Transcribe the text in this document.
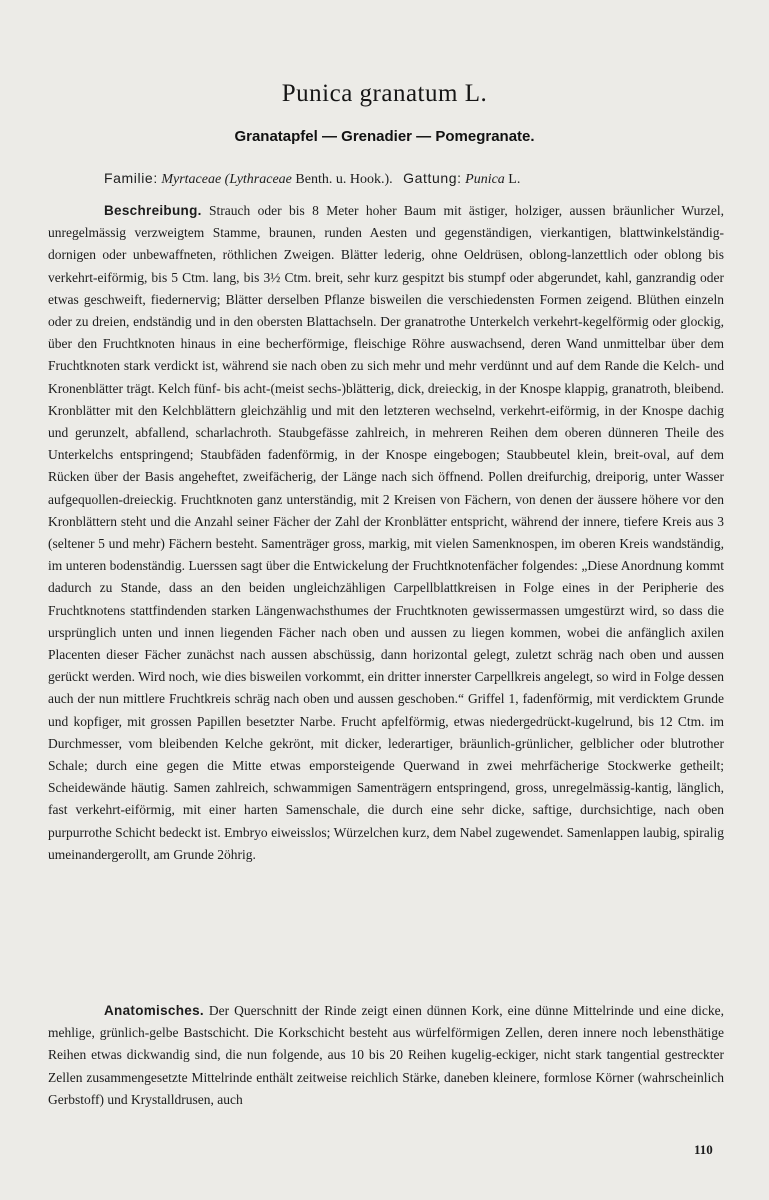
Punica granatum L.
Granatapfel — Grenadier — Pomegranate.
Familie: Myrtaceae (Lythraceae Benth. u. Hook.). Gattung: Punica L.
Beschreibung. Strauch oder bis 8 Meter hoher Baum mit ästiger, holziger, aussen bräunlicher Wurzel, unregelmässig verzweigtem Stamme, braunen, runden Aesten und gegenständigen, vierkantigen, blattwinkelständig-dornigen oder unbewaffneten, röthlichen Zweigen. Blätter lederig, ohne Oeldrüsen, oblong-lanzettlich oder oblong bis verkehrt-eiförmig, bis 5 Ctm. lang, bis 3½ Ctm. breit, sehr kurz gespitzt bis stumpf oder abgerundet, kahl, ganzrandig oder etwas geschweift, fiedernervig; Blätter derselben Pflanze bisweilen die verschiedensten Formen zeigend. Blüthen einzeln oder zu dreien, endständig und in den obersten Blattachseln. Der granatrothe Unterkelch verkehrt-kegelförmig oder glockig, über den Fruchtknoten hinaus in eine becherförmige, fleischige Röhre auswachsend, deren Wand unmittelbar über dem Fruchtknoten stark verdickt ist, während sie nach oben zu sich mehr und mehr verdünnt und auf dem Rande die Kelch- und Kronenblätter trägt. Kelch fünf- bis acht-(meist sechs-)blätterig, dick, dreieckig, in der Knospe klappig, granatroth, bleibend. Kronblätter mit den Kelchblättern gleichzählig und mit den letzteren wechselnd, verkehrt-eiförmig, in der Knospe dachig und gerunzelt, abfallend, scharlachroth. Staubgefässe zahlreich, in mehreren Reihen dem oberen dünneren Theile des Unterkelchs entspringend; Staubfäden fadenförmig, in der Knospe eingebogen; Staubbeutel klein, breit-oval, auf dem Rücken über der Basis angeheftet, zweifächerig, der Länge nach sich öffnend. Pollen dreifurchig, dreiporig, unter Wasser aufgequollen-dreieckig. Fruchtknoten ganz unterständig, mit 2 Kreisen von Fächern, von denen der äussere höhere vor den Kronblättern steht und die Anzahl seiner Fächer der Zahl der Kronblätter entspricht, während der innere, tiefere Kreis aus 3 (seltener 5 und mehr) Fächern besteht. Samenträger gross, markig, mit vielen Samenknospen, im oberen Kreis wandständig, im unteren bodenständig. Luerssen sagt über die Entwickelung der Fruchtknotenfächer folgendes: „Diese Anordnung kommt dadurch zu Stande, dass an den beiden ungleichzähligen Carpellblattkreisen in Folge eines in der Peripherie des Fruchtknotens stattfindenden starken Längenwachsthumes der Fruchtknoten gewissermassen umgestürzt wird, so dass die ursprünglich unten und innen liegenden Fächer nach oben und aussen zu liegen kommen, wobei die anfänglich axilen Placenten dieser Fächer zunächst nach aussen abschüssig, dann horizontal gelegt, zuletzt schräg nach oben und aussen gerückt werden. Wird noch, wie dies bisweilen vorkommt, ein dritter innerster Carpellkreis angelegt, so wird in Folge dessen auch der nun mittlere Fruchtkreis schräg nach oben und aussen geschoben.“ Griffel 1, fadenförmig, mit verdicktem Grunde und kopfiger, mit grossen Papillen besetzter Narbe. Frucht apfelförmig, etwas niedergedrückt-kugelrund, bis 12 Ctm. im Durchmesser, vom bleibenden Kelche gekrönt, mit dicker, lederartiger, bräunlich-grünlicher, gelblicher oder blutrother Schale; durch eine gegen die Mitte etwas emporsteigende Querwand in zwei mehrfächerige Stockwerke getheilt; Scheidewände häutig. Samen zahlreich, schwammigen Samenträgern entspringend, gross, unregelmässig-kantig, länglich, fast verkehrt-eiförmig, mit einer harten Samenschale, die durch eine sehr dicke, saftige, durchsichtige, nach oben purpurrothe Schicht bedeckt ist. Embryo eiweisslos; Würzelchen kurz, dem Nabel zugewendet. Samenlappen laubig, spiralig umeinandergerollt, am Grunde 2öhrig.
Anatomisches. Der Querschnitt der Rinde zeigt einen dünnen Kork, eine dünne Mittelrinde und eine dicke, mehlige, grünlich-gelbe Bastschicht. Die Korkschicht besteht aus würfelförmigen Zellen, deren innere noch lebensthätige Reihen etwas dickwandig sind, die nun folgende, aus 10 bis 20 Reihen kugelig-eckiger, nicht stark tangential gestreckter Zellen zusammengesetzte Mittelrinde enthält zeitweise reichlich Stärke, daneben kleinere, formlose Körner (wahrscheinlich Gerbstoff) und Krystalldrusen, auch
110
